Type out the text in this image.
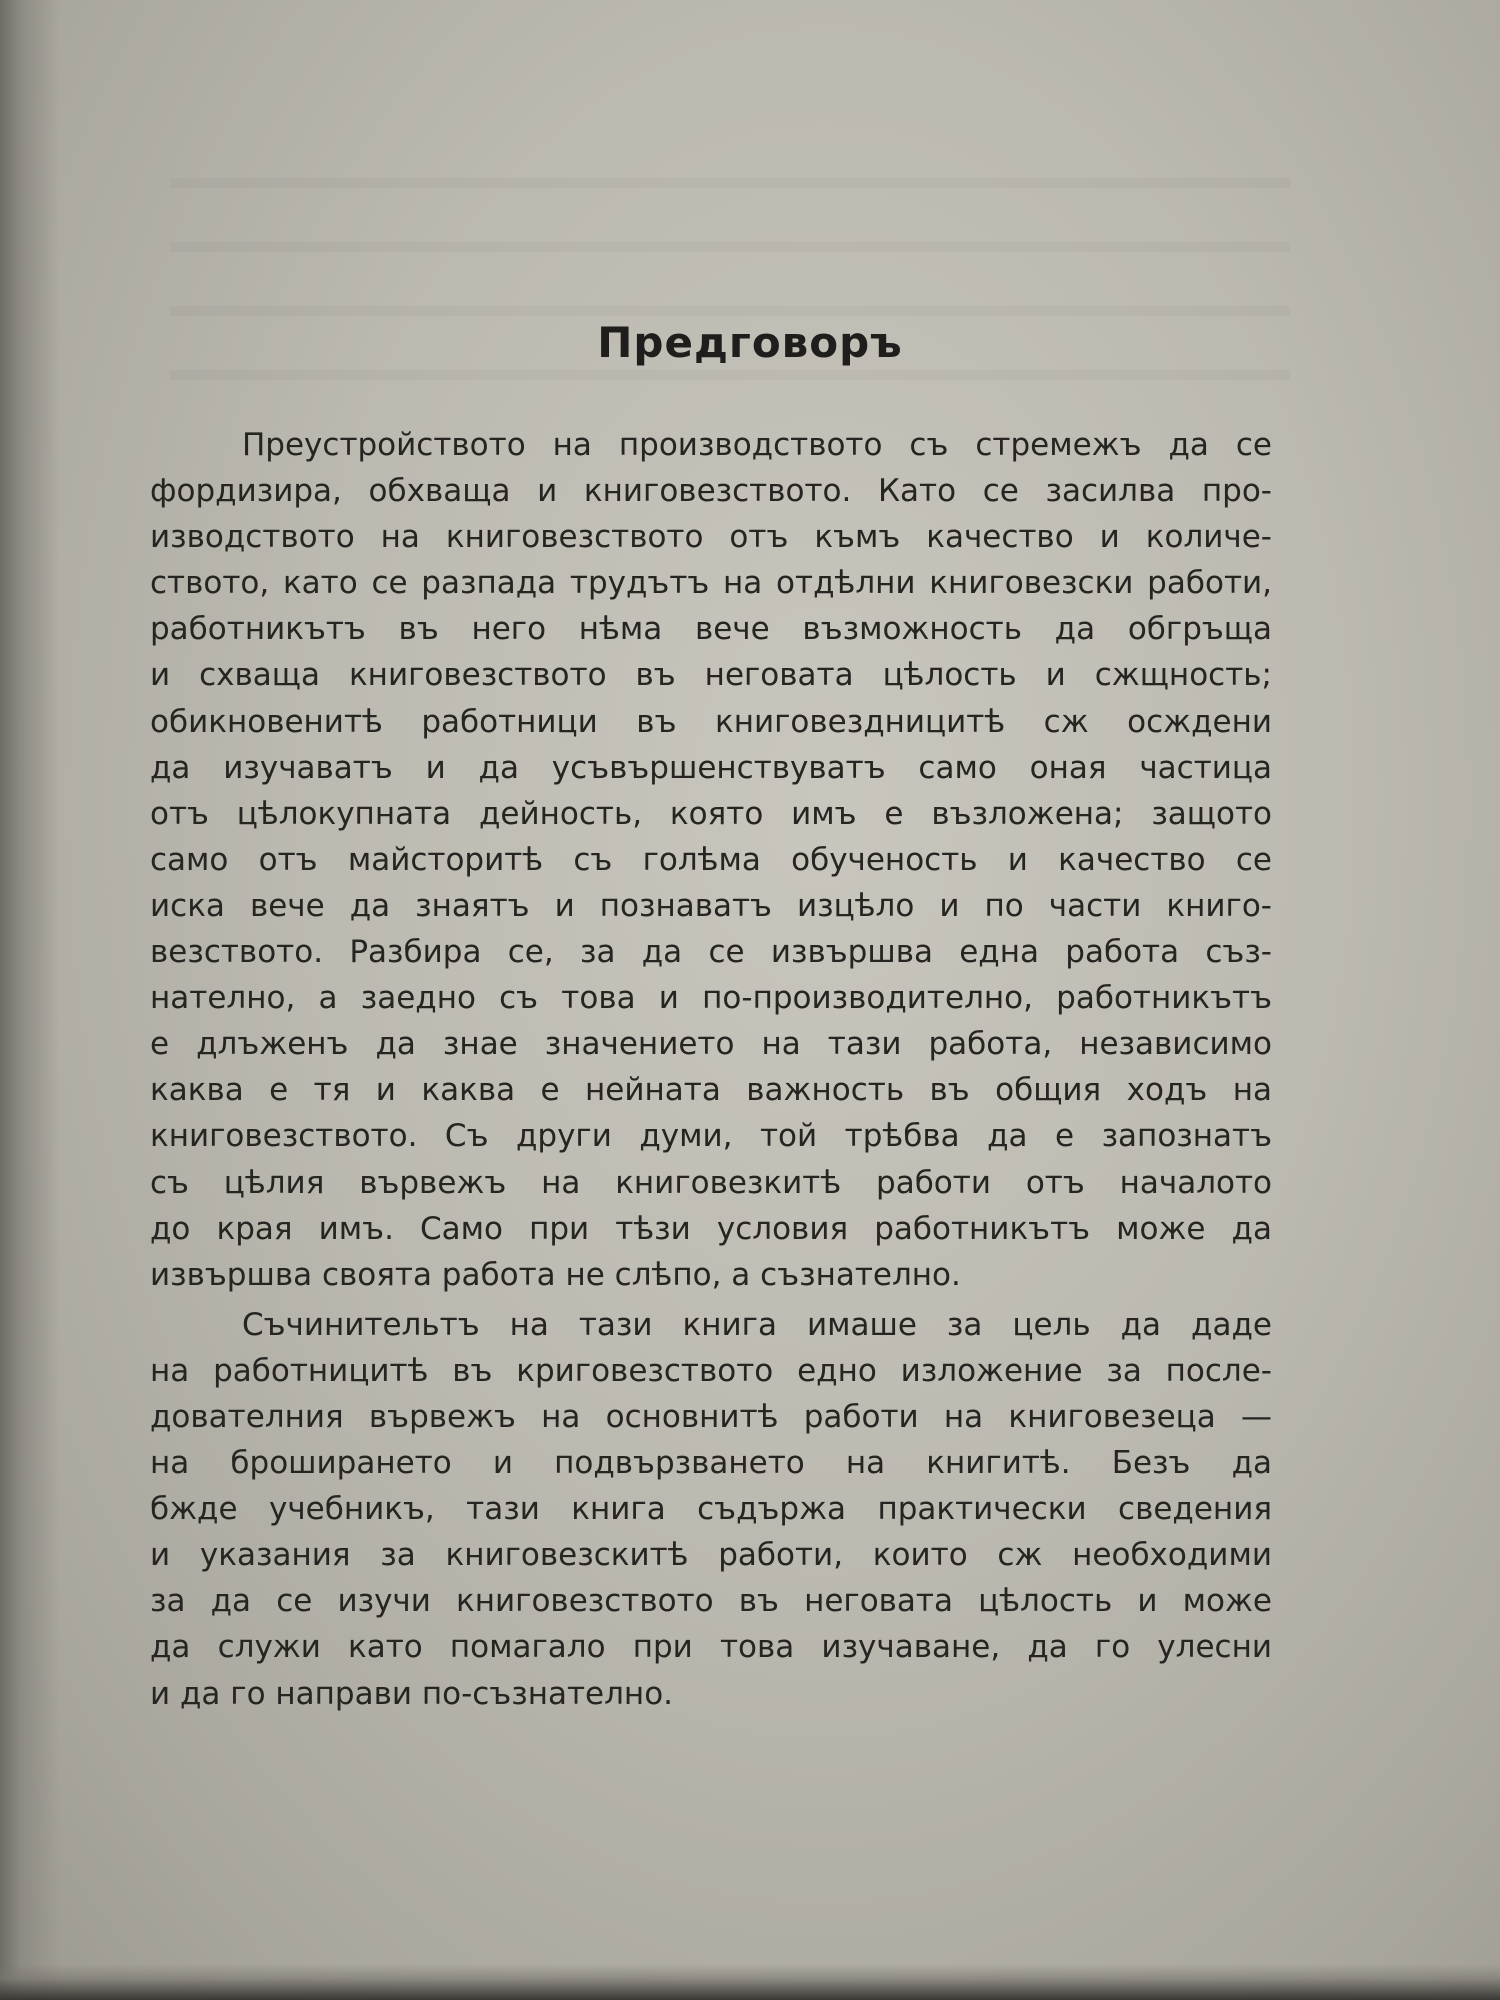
Предговоръ
Преустройството на производството съ стремежъ да се
фордизира, обхваща и книговезството. Като се засилва про-
изводството на книговезството отъ къмъ качество и количе-
ството, като се разпада трудътъ на отдѣлни книговезски работи,
работникътъ въ него нѣма вече възможность да обгръща
и схваща книговезството въ неговата цѣлость и сжщность;
обикновенитѣ работници въ книговездницитѣ сж осждени
да изучаватъ и да усъвършенствуватъ само оная частица
отъ цѣлокупната дейность, която имъ е възложена; защото
само отъ майсторитѣ съ голѣма обученость и качество се
иска вече да знаятъ и познаватъ изцѣло и по части книго-
везството. Разбира се, за да се извършва една работа съз-
нателно, а заедно съ това и по-производително, работникътъ
е длъженъ да знае значението на тази работа, независимо
каква е тя и каква е нейната важность въ общия ходъ на
книговезството. Съ други думи, той трѣбва да е запознатъ
съ цѣлия вървежъ на книговезкитѣ работи отъ началото
до края имъ. Само при тѣзи условия работникътъ може да
извършва своята работа не слѣпо, а съзнателно.
Съчинительтъ на тази книга имаше за цель да даде
на работницитѣ въ криговезството едно изложение за после-
дователния вървежъ на основнитѣ работи на книговезеца —
на броширането и подвързването на книгитѣ. Безъ да
бжде учебникъ, тази книга съдържа практически сведения
и указания за книговезскитѣ работи, които сж необходими
за да се изучи книговезството въ неговата цѣлость и може
да служи като помагало при това изучаване, да го улесни
и да го направи по-съзнателно.
